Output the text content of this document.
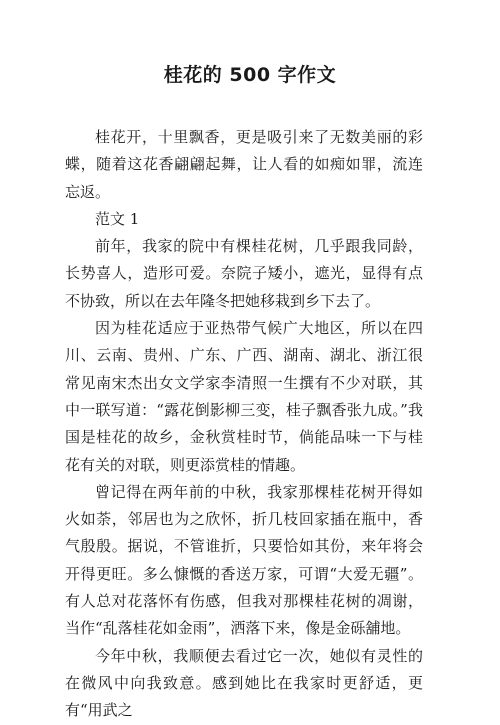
桂花的 500 字作文

桂花开，十里飘香，更是吸引来了无数美丽的彩蝶，随着这花香翩翩起舞，让人看的如痴如罪，流连忘返。

范文 1

前年，我家的院中有棵桂花树，几乎跟我同龄，长势喜人，造形可爱。奈院子矮小，遮光，显得有点不协致，所以在去年隆冬把她移栽到乡下去了。

因为桂花适应于亚热带气候广大地区，所以在四川、云南、贵州、广东、广西、湖南、湖北、浙江很常见南宋杰出女文学家李清照一生撰有不少对联，其中一联写道：“露花倒影柳三变，桂子飘香张九成。”我国是桂花的故乡，金秋赏桂时节，倘能品味一下与桂花有关的对联，则更添赏桂的情趣。

曾记得在两年前的中秋，我家那棵桂花树开得如火如荼，邻居也为之欣怀，折几枝回家插在瓶中，香气殷殷。据说，不管谁折，只要恰如其份，来年将会开得更旺。多么慷慨的香送万家，可谓“大爱无疆”。有人总对花落怀有伤感，但我对那棵桂花树的凋谢，当作“乱落桂花如金雨”，洒落下来，像是金砾舖地。

今年中秋，我顺便去看过它一次，她似有灵性的在微风中向我致意。感到她比在我家时更舒适，更有“用武之
